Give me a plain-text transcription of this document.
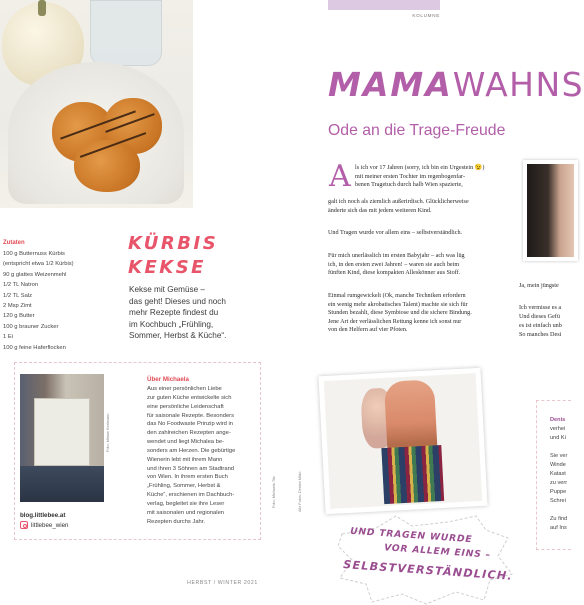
Zutaten
100 g Butternuss Kürbis
(entspricht etwa 1/2 Kürbis)
90 g glattes Weizenmehl
1/2 TL Natron
1/2 TL Salz
2 Msp Zimt
120 g Butter
100 g brauner Zucker
1 Ei
100 g feine Haferflocken
KÜRBIS
KEKSE
Kekse mit Gemüse –
das geht! Dieses und noch
mehr Rezepte findest du
im Kochbuch „Frühling,
Sommer, Herbst & Küche“.
Foto: Miriam Kerlmann
blog.littlebee.at
littlebee_wien
Über Michaela
Aus einer persönlichen Liebe
zur guten Küche entwickelte sich
eine persönliche Leidenschaft
für saisonale Rezepte. Besonders
das No Foodwaste Prinzip wird in
den zahlreichen Rezepten ange-
wendet und liegt Michalea be-
sonders am Herzen. Die gebürtige
Wienerin lebt mit ihrem Mann
und ihren 3 Söhnen am Stadtrand
von Wien. In ihrem ersten Buch
„Frühling, Sommer, Herbst &
Küche“, erschienen im Dachbuch-
verlag, begleitet sie ihre Leser
mit saisonalen und regionalen
Rezepten durchs Jahr.
Foto: Michaela Titz	Alle Fotos: Denise Milici
HERBST / WINTER 2021
KOLUMNE
MAMAWAHNS
Ode an die Trage-Freude
A ls ich vor 17 Jahren (sorry, ich bin ein Urgestein 😉)

mit meiner ersten Tochter im regenbogenfar-

benen Tragetuch durch halb Wien spazierte,

galt ich noch als ziemlich außerirdisch. Glücklicherweise

änderte sich das mit jedem weiteren Kind.

Und Tragen wurde vor allem eins – selbstverständlich.

Für mich unerlässlich im ersten Babyjahr – ach was lüg

ich, in den ersten zwei Jahren! – waren sie auch beim

fünften Kind, diese kompakten Alleskönner aus Stoff.

Einmal rumgewickelt (Ok, manche Techniken erfordern

ein wenig mehr akrobatisches Talent) machte sie sich für

Stunden bezahlt, diese Symbiose und die sichere Bindung.

Jene Art der verlässlichen Rettung kenne ich sonst nur

von den Helfern auf vier Pfoten.

Ja, mein jüngste
Ich vermisse es a
Und dieses Gefü
es ist einfach unb
So manches Desi
Denis
verhei
und Ki
Sie ver
Winde
Katast
zu verr
Puppe
Schrei
Zu find
auf Ins
UND TRAGEN WURDE
VOR ALLEM EINS –
SELBSTVERSTÄNDLICH.
